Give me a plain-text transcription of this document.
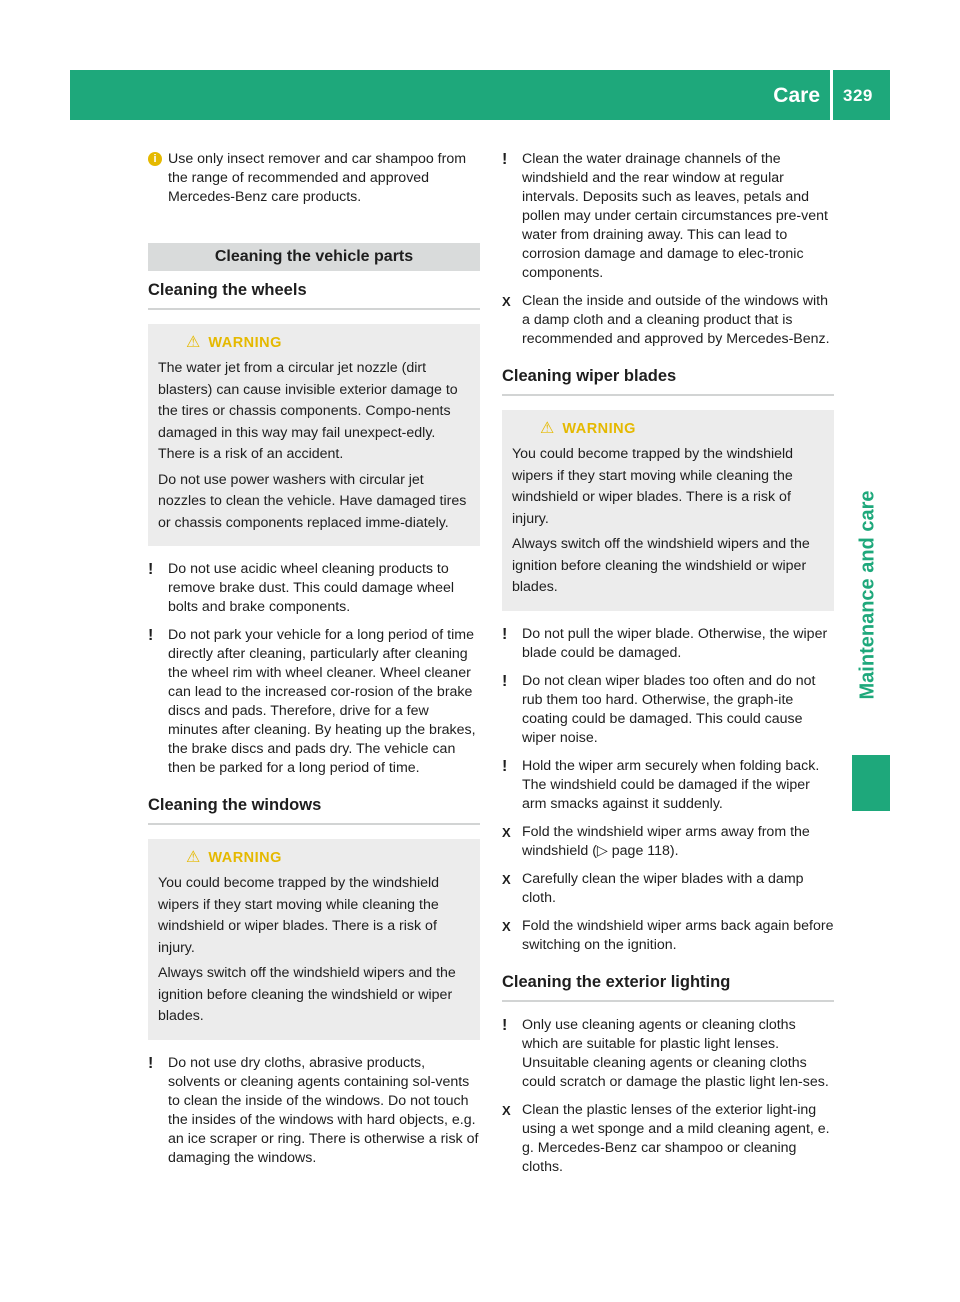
Care 329
Maintenance and care
i Use only insect remover and car shampoo from the range of recommended and approved Mercedes-Benz care products.
Cleaning the vehicle parts
Cleaning the wheels
⚠ WARNING
The water jet from a circular jet nozzle (dirt blasters) can cause invisible exterior damage to the tires or chassis components. Compo-nents damaged in this way may fail unexpect-edly. There is a risk of an accident.
Do not use power washers with circular jet nozzles to clean the vehicle. Have damaged tires or chassis components replaced imme-diately.
! Do not use acidic wheel cleaning products to remove brake dust. This could damage wheel bolts and brake components.
! Do not park your vehicle for a long period of time directly after cleaning, particularly after cleaning the wheel rim with wheel cleaner. Wheel cleaner can lead to the increased cor-rosion of the brake discs and pads. Therefore, drive for a few minutes after cleaning. By heating up the brakes, the brake discs and pads dry. The vehicle can then be parked for a long period of time.
Cleaning the windows
⚠ WARNING
You could become trapped by the windshield wipers if they start moving while cleaning the windshield or wiper blades. There is a risk of injury.
Always switch off the windshield wipers and the ignition before cleaning the windshield or wiper blades.
! Do not use dry cloths, abrasive products, solvents or cleaning agents containing sol-vents to clean the inside of the windows. Do not touch the insides of the windows with hard objects, e.g. an ice scraper or ring. There is otherwise a risk of damaging the windows.
! Clean the water drainage channels of the windshield and the rear window at regular intervals. Deposits such as leaves, petals and pollen may under certain circumstances pre-vent water from draining away. This can lead to corrosion damage and damage to elec-tronic components.
X Clean the inside and outside of the windows with a damp cloth and a cleaning product that is recommended and approved by Mercedes-Benz.
Cleaning wiper blades
⚠ WARNING
You could become trapped by the windshield wipers if they start moving while cleaning the windshield or wiper blades. There is a risk of injury.
Always switch off the windshield wipers and the ignition before cleaning the windshield or wiper blades.
! Do not pull the wiper blade. Otherwise, the wiper blade could be damaged.
! Do not clean wiper blades too often and do not rub them too hard. Otherwise, the graph-ite coating could be damaged. This could cause wiper noise.
! Hold the wiper arm securely when folding back. The windshield could be damaged if the wiper arm smacks against it suddenly.
X Fold the windshield wiper arms away from the windshield (▷ page 118).
X Carefully clean the wiper blades with a damp cloth.
X Fold the windshield wiper arms back again before switching on the ignition.
Cleaning the exterior lighting
! Only use cleaning agents or cleaning cloths which are suitable for plastic light lenses. Unsuitable cleaning agents or cleaning cloths could scratch or damage the plastic light len-ses.
X Clean the plastic lenses of the exterior light-ing using a wet sponge and a mild cleaning agent, e. g. Mercedes-Benz car shampoo or cleaning cloths.
